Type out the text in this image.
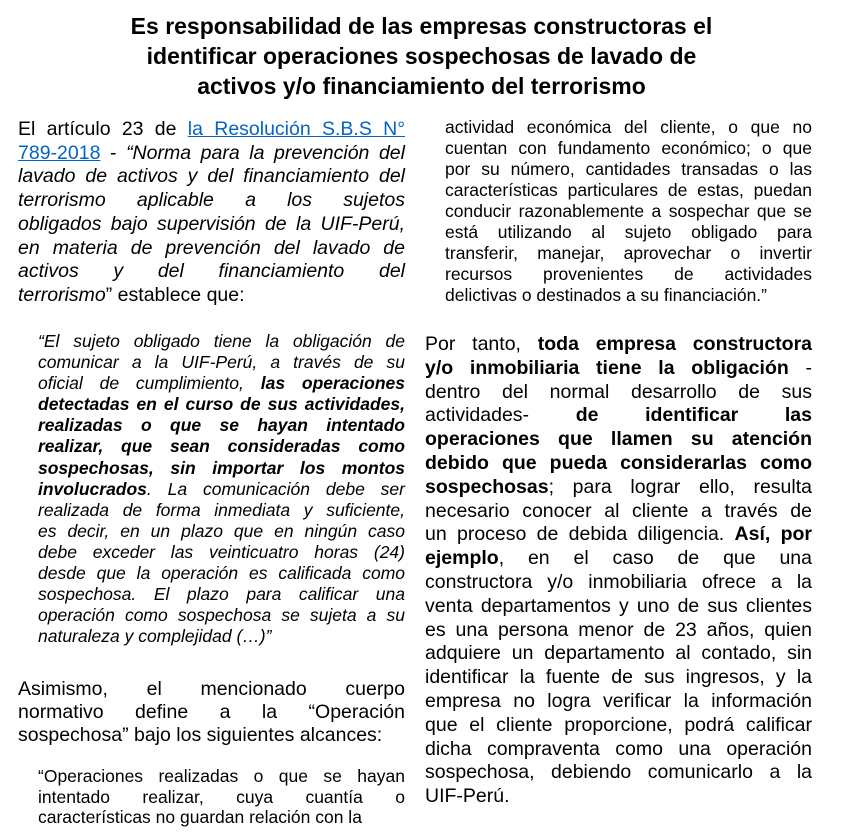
Es responsabilidad de las empresas constructoras el
identificar operaciones sospechosas de lavado de
activos y/o financiamiento del terrorismo
El artículo 23 de la Resolución S.B.S N°
789-2018 - “Norma para la prevención del
lavado de activos y del financiamiento del
terrorismo aplicable a los sujetos
obligados bajo supervisión de la UIF-Perú,
en materia de prevención del lavado de
activos y del financiamiento del
terrorismo” establece que:
“El sujeto obligado tiene la obligación de
comunicar a la UIF-Perú, a través de su
oficial de cumplimiento, las operaciones
detectadas en el curso de sus actividades,
realizadas o que se hayan intentado
realizar, que sean consideradas como
sospechosas, sin importar los montos
involucrados. La comunicación debe ser
realizada de forma inmediata y suficiente,
es decir, en un plazo que en ningún caso
debe exceder las veinticuatro horas (24)
desde que la operación es calificada como
sospechosa. El plazo para calificar una
operación como sospechosa se sujeta a su
naturaleza y complejidad (…)”
Asimismo, el mencionado cuerpo
normativo define a la “Operación
sospechosa” bajo los siguientes alcances:
“Operaciones realizadas o que se hayan
intentado realizar, cuya cuantía o
características no guardan relación con la
actividad económica del cliente, o que no
cuentan con fundamento económico; o que
por su número, cantidades transadas o las
características particulares de estas, puedan
conducir razonablemente a sospechar que se
está utilizando al sujeto obligado para
transferir, manejar, aprovechar o invertir
recursos provenientes de actividades
delictivas o destinados a su financiación.”
Por tanto, toda empresa constructora
y/o inmobiliaria tiene la obligación -
dentro del normal desarrollo de sus
actividades- de identificar las
operaciones que llamen su atención
debido que pueda considerarlas como
sospechosas; para lograr ello, resulta
necesario conocer al cliente a través de
un proceso de debida diligencia. Así, por
ejemplo, en el caso de que una
constructora y/o inmobiliaria ofrece a la
venta departamentos y uno de sus clientes
es una persona menor de 23 años, quien
adquiere un departamento al contado, sin
identificar la fuente de sus ingresos, y la
empresa no logra verificar la información
que el cliente proporcione, podrá calificar
dicha compraventa como una operación
sospechosa, debiendo comunicarlo a la
UIF-Perú.
